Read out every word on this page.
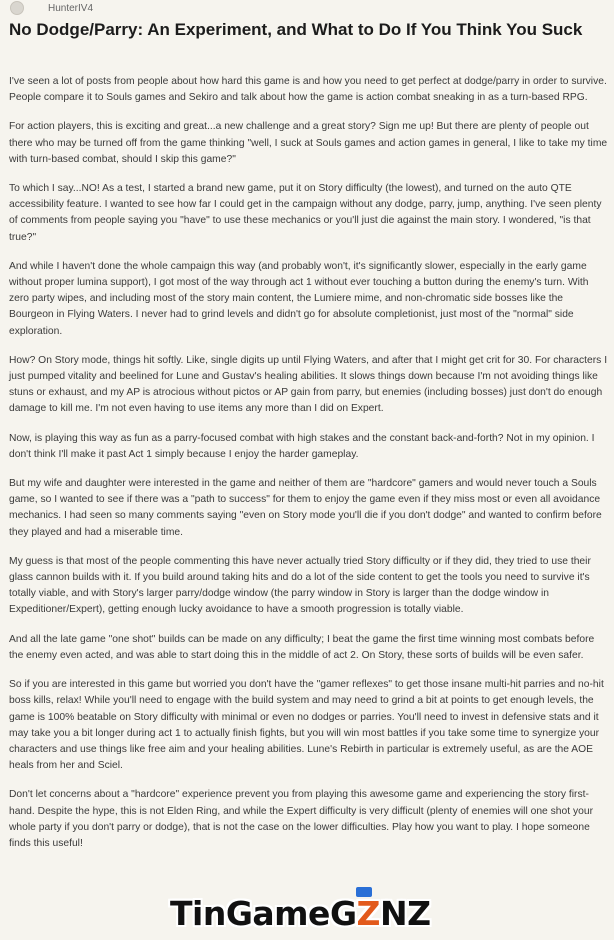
HunterIV4
No Dodge/Parry: An Experiment, and What to Do If You Think You Suck

I've seen a lot of posts from people about how hard this game is and how you need to get perfect at dodge/parry in order to survive. People compare it to Souls games and Sekiro and talk about how the game is action combat sneaking in as a turn-based RPG.

For action players, this is exciting and great...a new challenge and a great story? Sign me up! But there are plenty of people out there who may be turned off from the game thinking "well, I suck at Souls games and action games in general, I like to take my time with turn-based combat, should I skip this game?"

To which I say...NO! As a test, I started a brand new game, put it on Story difficulty (the lowest), and turned on the auto QTE accessibility feature. I wanted to see how far I could get in the campaign without any dodge, parry, jump, anything. I've seen plenty of comments from people saying you "have" to use these mechanics or you'll just die against the main story. I wondered, "is that true?"

And while I haven't done the whole campaign this way (and probably won't, it's significantly slower, especially in the early game without proper lumina support), I got most of the way through act 1 without ever touching a button during the enemy's turn. With zero party wipes, and including most of the story main content, the Lumiere mime, and non-chromatic side bosses like the Bourgeon in Flying Waters. I never had to grind levels and didn't go for absolute completionist, just most of the "normal" side exploration.

How? On Story mode, things hit softly. Like, single digits up until Flying Waters, and after that I might get crit for 30. For characters I just pumped vitality and beelined for Lune and Gustav's healing abilities. It slows things down because I'm not avoiding things like stuns or exhaust, and my AP is atrocious without pictos or AP gain from parry, but enemies (including bosses) just don't do enough damage to kill me. I'm not even having to use items any more than I did on Expert.

Now, is playing this way as fun as a parry-focused combat with high stakes and the constant back-and-forth? Not in my opinion. I don't think I'll make it past Act 1 simply because I enjoy the harder gameplay.

But my wife and daughter were interested in the game and neither of them are "hardcore" gamers and would never touch a Souls game, so I wanted to see if there was a "path to success" for them to enjoy the game even if they miss most or even all avoidance mechanics. I had seen so many comments saying "even on Story mode you'll die if you don't dodge" and wanted to confirm before they played and had a miserable time.

My guess is that most of the people commenting this have never actually tried Story difficulty or if they did, they tried to use their glass cannon builds with it. If you build around taking hits and do a lot of the side content to get the tools you need to survive it's totally viable, and with Story's larger parry/dodge window (the parry window in Story is larger than the dodge window in Expeditioner/Expert), getting enough lucky avoidance to have a smooth progression is totally viable.

And all the late game "one shot" builds can be made on any difficulty; I beat the game the first time winning most combats before the enemy even acted, and was able to start doing this in the middle of act 2. On Story, these sorts of builds will be even safer.

So if you are interested in this game but worried you don't have the "gamer reflexes" to get those insane multi-hit parries and no-hit boss kills, relax! While you'll need to engage with the build system and may need to grind a bit at points to get enough levels, the game is 100% beatable on Story difficulty with minimal or even no dodges or parries. You'll need to invest in defensive stats and it may take you a bit longer during act 1 to actually finish fights, but you will win most battles if you take some time to synergize your characters and use things like free aim and your healing abilities. Lune's Rebirth in particular is extremely useful, as are the AOE heals from her and Sciel.

Don't let concerns about a "hardcore" experience prevent you from playing this awesome game and experiencing the story first-hand. Despite the hype, this is not Elden Ring, and while the Expert difficulty is very difficult (plenty of enemies will one shot your whole party if you don't parry or dodge), that is not the case on the lower difficulties. Play how you want to play. I hope someone finds this useful!

TinGame G Z NZ
